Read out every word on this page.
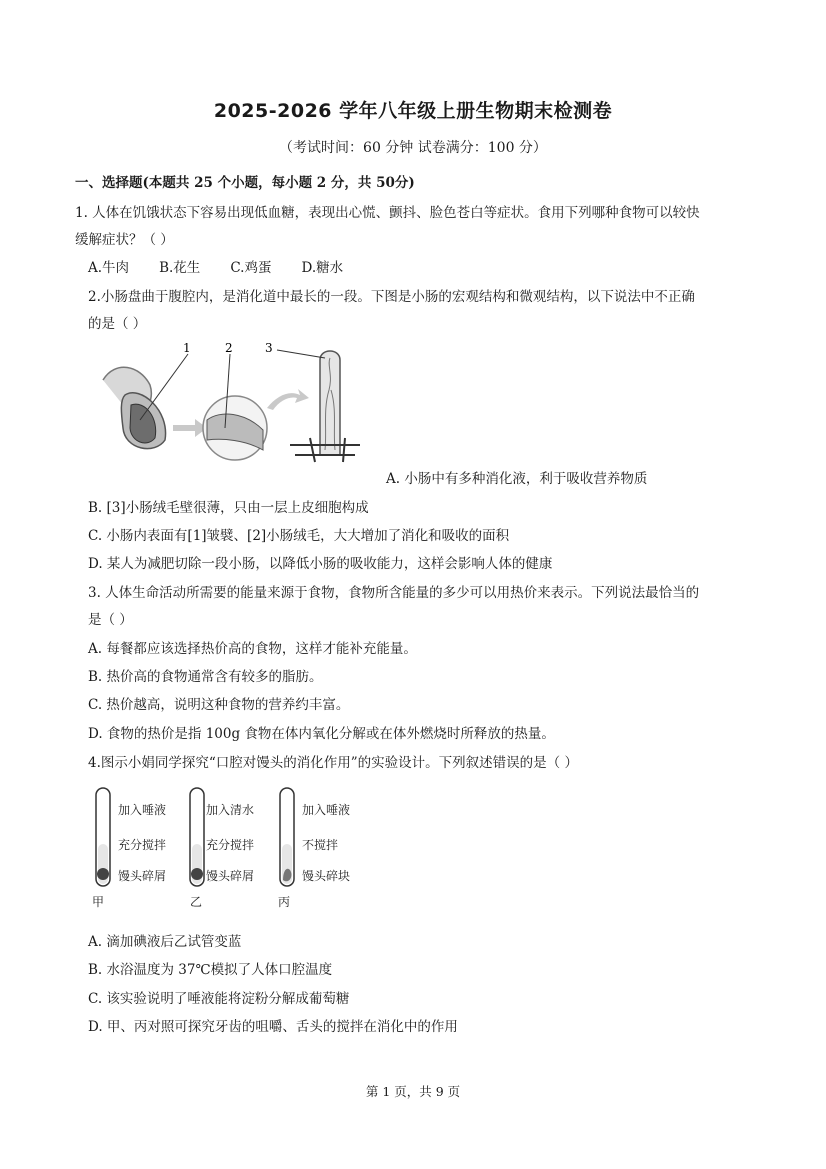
2025-2026 学年八年级上册生物期末检测卷
（考试时间：60 分钟 试卷满分：100 分）
一、选择题(本题共 25 个小题，每小题 2 分，共 50分)
1. 人体在饥饿状态下容易出现低血糖，表现出心慌、颤抖、脸色苍白等症状。食用下列哪种食物可以较快
缓解症状？（ ）
A.牛肉       B.花生       C.鸡蛋       D.糖水
2.小肠盘曲于腹腔内，是消化道中最长的一段。下图是小肠的宏观结构和微观结构，以下说法中不正确
的是（ ）
1	2	3
A. 小肠中有多种消化液，利于吸收营养物质
B. [3]小肠绒毛壁很薄，只由一层上皮细胞构成
C. 小肠内表面有[1]皱襞、[2]小肠绒毛，大大增加了消化和吸收的面积
D. 某人为减肥切除一段小肠，以降低小肠的吸收能力，这样会影响人体的健康
3. 人体生命活动所需要的能量来源于食物，食物所含能量的多少可以用热价来表示。下列说法最恰当的
是（ ）
A. 每餐都应该选择热价高的食物，这样才能补充能量。
B. 热价高的食物通常含有较多的脂肪。
C. 热价越高，说明这种食物的营养约丰富。
D. 食物的热价是指 100g 食物在体内氧化分解或在体外燃烧时所释放的热量。
4.图示小娟同学探究“口腔对馒头的消化作用”的实验设计。下列叙述错误的是（ ）
加入唾液
充分搅拌
馒头碎屑
甲
加入清水
充分搅拌
馒头碎屑
乙
加入唾液
不搅拌
馒头碎块
丙
A. 滴加碘液后乙试管变蓝
B. 水浴温度为 37℃模拟了人体口腔温度
C. 该实验说明了唾液能将淀粉分解成葡萄糖
D. 甲、丙对照可探究牙齿的咀嚼、舌头的搅拌在消化中的作用
第 1 页，共 9 页
